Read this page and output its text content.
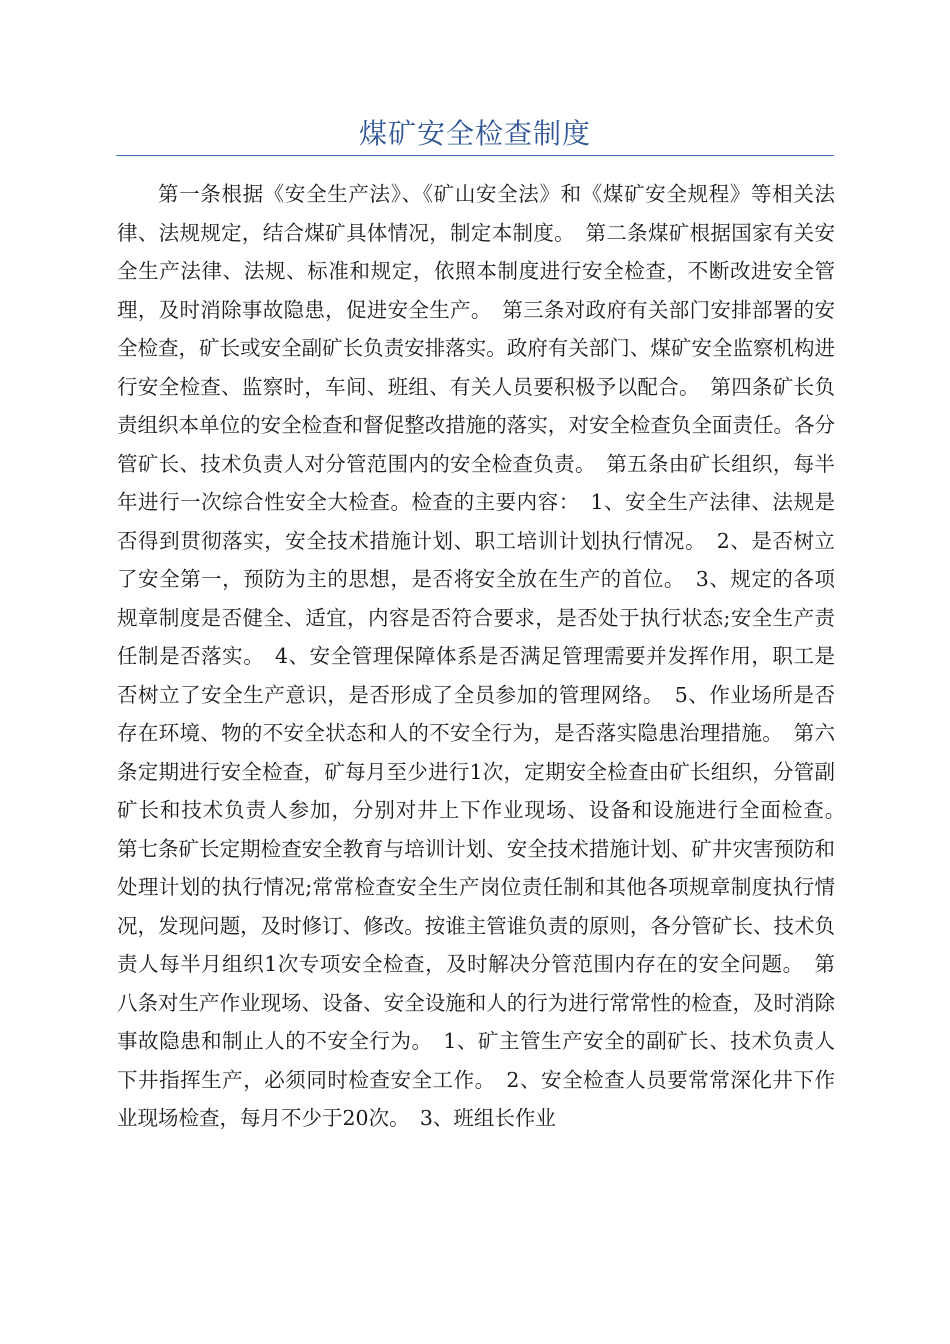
煤矿安全检查制度

第一条根据《安全生产法》、《矿山安全法》和《煤矿安全规程》等相关法律、法规规定，结合煤矿具体情况，制定本制度。　第二条煤矿根据国家有关安全生产法律、法规、标准和规定，依照本制度进行安全检查，不断改进安全管理，及时消除事故隐患，促进安全生产。　第三条对政府有关部门安排部署的安全检查，矿长或安全副矿长负责安排落实。政府有关部门、煤矿安全监察机构进行安全检查、监察时，车间、班组、有关人员要积极予以配合。　第四条矿长负责组织本单位的安全检查和督促整改措施的落实，对安全检查负全面责任。各分管矿长、技术负责人对分管范围内的安全检查负责。　第五条由矿长组织，每半年进行一次综合性安全大检查。检查的主要内容：　1、安全生产法律、法规是否得到贯彻落实，安全技术措施计划、职工培训计划执行情况。　2、是否树立了安全第一，预防为主的思想，是否将安全放在生产的首位。　3、规定的各项规章制度是否健全、适宜，内容是否符合要求，是否处于执行状态;安全生产责任制是否落实。　4、安全管理保障体系是否满足管理需要并发挥作用，职工是否树立了安全生产意识，是否形成了全员参加的管理网络。　5、作业场所是否存在环境、物的不安全状态和人的不安全行为，是否落实隐患治理措施。　第六条定期进行安全检查，矿每月至少进行1次，定期安全检查由矿长组织，分管副矿长和技术负责人参加，分别对井上下作业现场、设备和设施进行全面检查。　第七条矿长定期检查安全教育与培训计划、安全技术措施计划、矿井灾害预防和处理计划的执行情况;常常检查安全生产岗位责任制和其他各项规章制度执行情况，发现问题，及时修订、修改。按谁主管谁负责的原则，各分管矿长、技术负责人每半月组织1次专项安全检查，及时解决分管范围内存在的安全问题。　第八条对生产作业现场、设备、安全设施和人的行为进行常常性的检查，及时消除事故隐患和制止人的不安全行为。　1、矿主管生产安全的副矿长、技术负责人下井指挥生产，必须同时检查安全工作。　2、安全检查人员要常常深化井下作业现场检查，每月不少于20次。　3、班组长作业
